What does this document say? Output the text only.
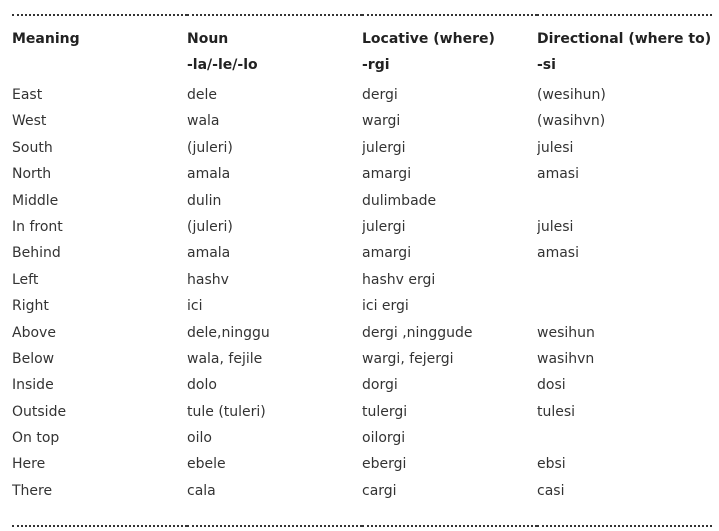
Meaning	Noun	Locative (where)	Directional (where to)
	-la/-le/-lo	-rgi	-si
East	dele	dergi	(wesihun)
West	wala	wargi	(wasihvn)
South	(juleri)	julergi	julesi
North	amala	amargi	amasi
Middle	dulin	dulimbade	
In front	(juleri)	julergi	julesi
Behind	amala	amargi	amasi
Left	hashv	hashv ergi	
Right	ici	ici ergi	
Above	dele,ninggu	dergi ,ninggude	wesihun
Below	wala, fejile	wargi, fejergi	wasihvn
Inside	dolo	dorgi	dosi
Outside	tule (tuleri)	tulergi	tulesi
On top	oilo	oilorgi	
Here	ebele	ebergi	ebsi
There	cala	cargi	casi
